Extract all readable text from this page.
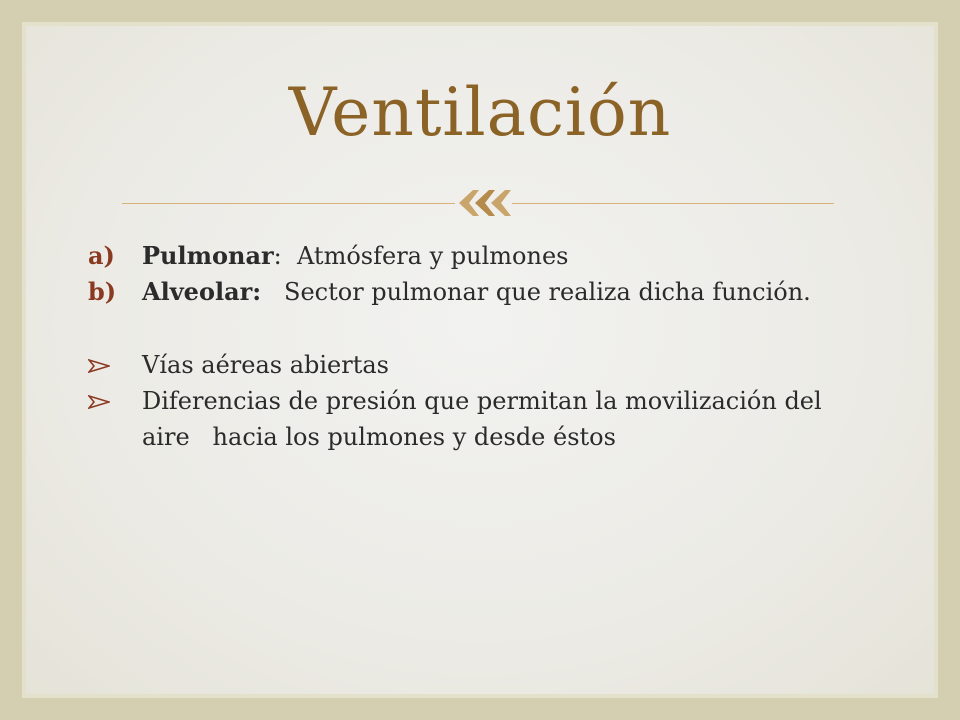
Ventilación

a) Pulmonar:  Atmósfera y pulmones

b) Alveolar:   Sector pulmonar que realiza dicha función.

Vías aéreas abiertas

Diferencias de presión que permitan la movilización del aire   hacia los pulmones y desde éstos
